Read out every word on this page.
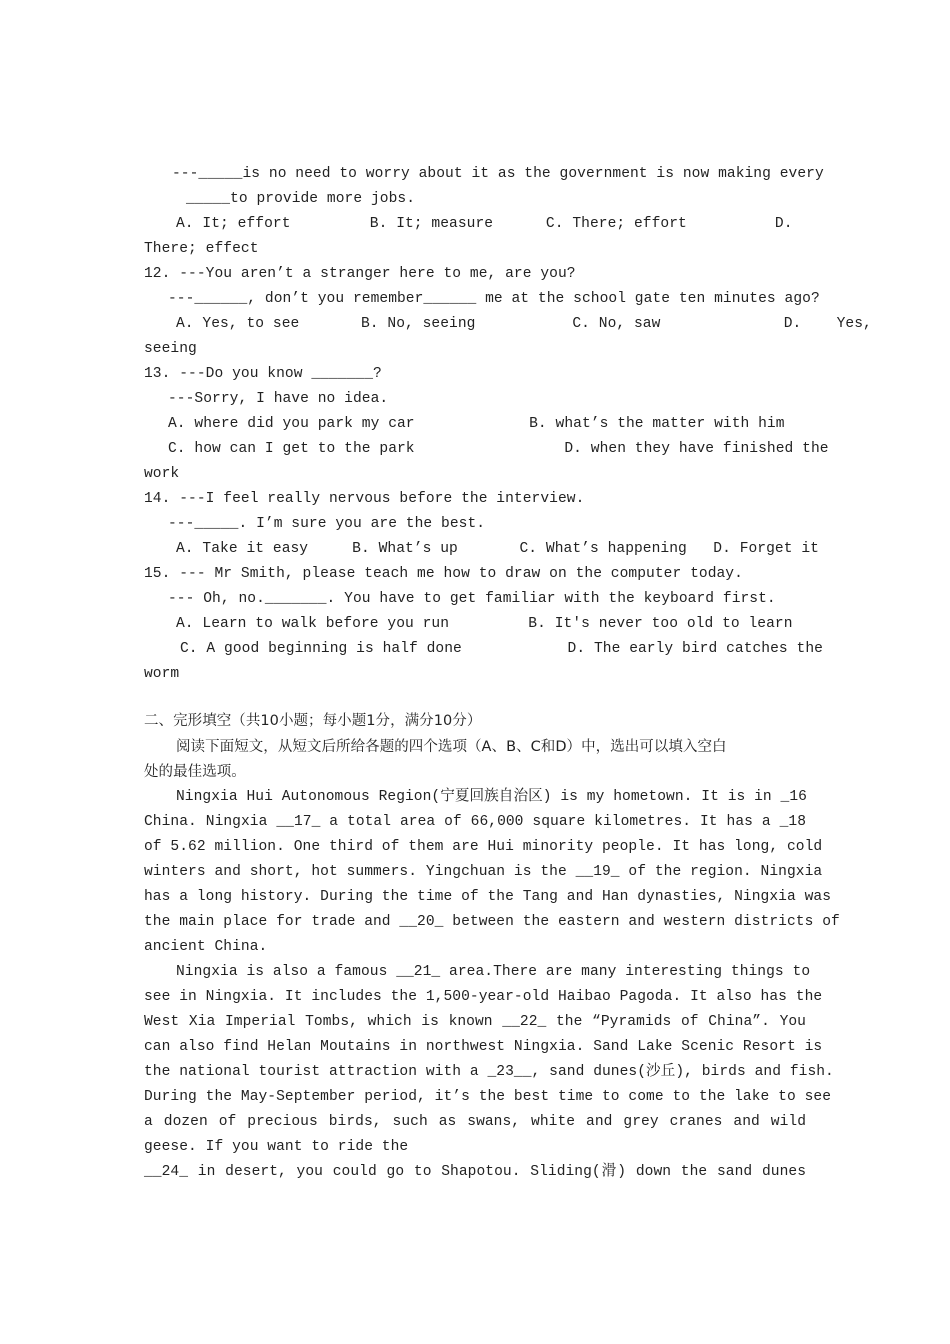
---_____is no need to worry about it as the government is now making every
_____to provide more jobs.
A. It; effort         B. It; measure      C. There; effort          D.
There; effect
12. ---You aren’t a stranger here to me, are you?
---______, don’t you remember______ me at the school gate ten minutes ago?
A. Yes, to see       B. No, seeing           C. No, saw              D.    Yes,
seeing
13. ---Do you know _______?
---Sorry, I have no idea.
A. where did you park my car             B. what’s the matter with him
C. how can I get to the park                 D. when they have finished the
work
14. ---I feel really nervous before the interview.
---_____. I’m sure you are the best.
A. Take it easy     B. What’s up       C. What’s happening   D. Forget it
15. --- Mr Smith, please teach me how to draw on the computer today.
--- Oh, no._______. You have to get familiar with the keyboard first.
A. Learn to walk before you run         B. It's never too old to learn
C. A good beginning is half done            D. The early bird catches the
worm
二、完形填空（共10小题；每小题1分，满分10分）
阅读下面短文，从短文后所给各题的四个选项（A、B、C和D）中，选出可以填入空白
处的最佳选项。
Ningxia Hui Autonomous Region(宁夏回族自治区) is my hometown. It is in _16
China. Ningxia __17_ a total area of 66,000 square kilometres. It has a _18
of 5.62 million. One third of them are Hui minority people. It has long, cold
winters and short, hot summers. Yingchuan is the __19_ of the region. Ningxia
has a long history. During the time of the Tang and Han dynasties, Ningxia was
the main place for trade and __20_ between the eastern and western districts of
ancient China.
Ningxia is also a famous __21_ area.There are many interesting things to
see in Ningxia. It includes the 1,500-year-old Haibao Pagoda. It also has the
West Xia Imperial Tombs, which is known __22_ the “Pyramids of China”. You
can also find Helan Moutains in northwest Ningxia. Sand Lake Scenic Resort is
the national tourist attraction with a _23__, sand dunes(沙丘), birds and fish.
During the May-September period, it’s the best time to come to the lake to see
a dozen of precious birds, such as swans, white and grey cranes and wild
geese. If you want to ride the
__24_ in desert, you could go to Shapotou. Sliding(滑) down the sand dunes
